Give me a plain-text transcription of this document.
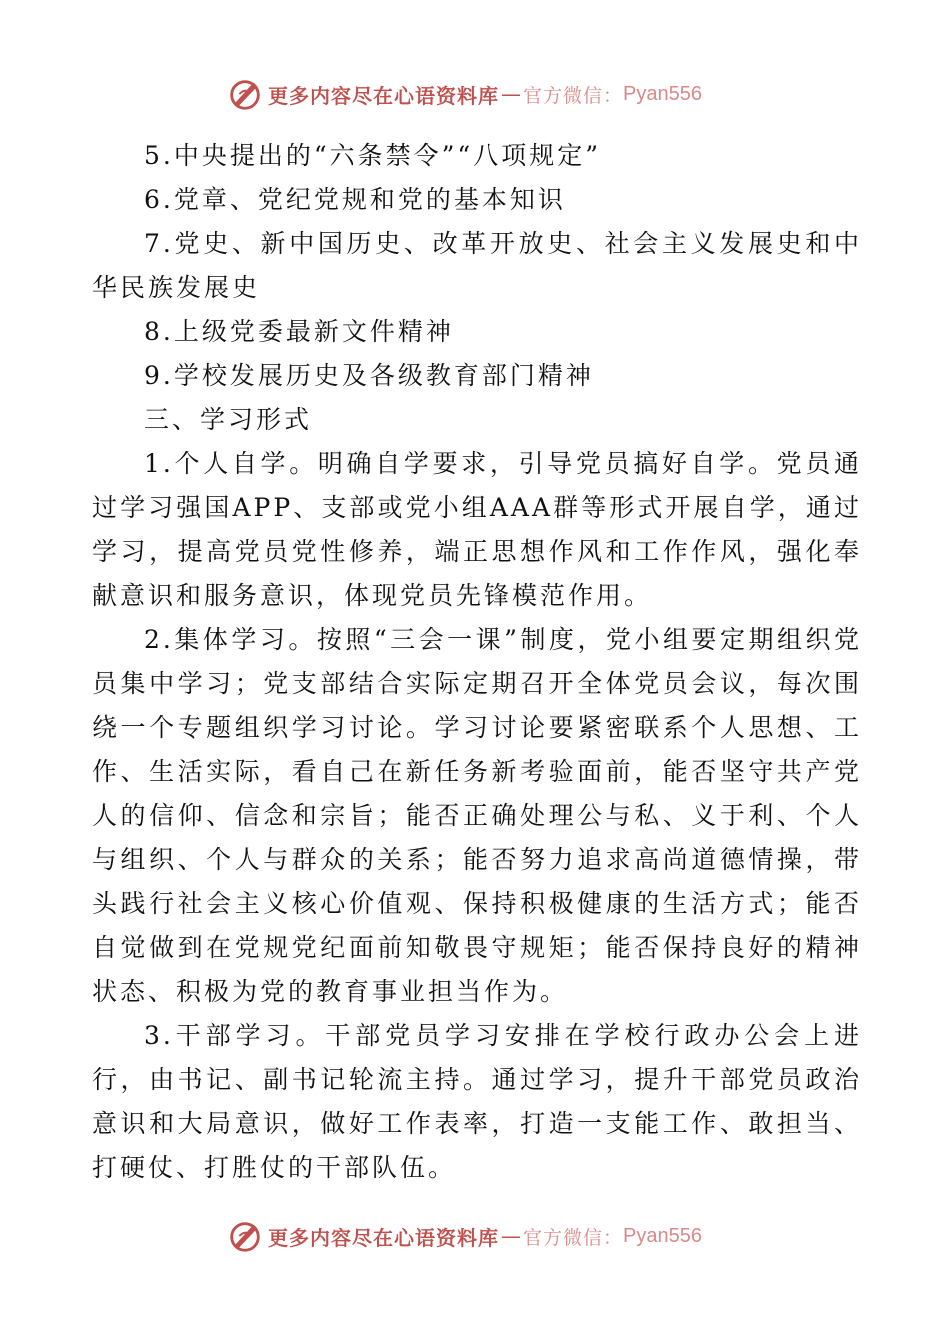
更多内容尽在心语资料库 — 官方微信： Pyan556

5.中央提出的“六条禁令”“八项规定”

6.党章、党纪党规和党的基本知识

7.党史、新中国历史、改革开放史、社会主义发展史和中华民族发展史

8.上级党委最新文件精神

9.学校发展历史及各级教育部门精神

三、学习形式

1.个人自学。明确自学要求，引导党员搞好自学。党员通过学习强国APP、支部或党小组AAA群等形式开展自学，通过学习，提高党员党性修养，端正思想作风和工作作风，强化奉献意识和服务意识，体现党员先锋模范作用。

2.集体学习。按照“三会一课”制度，党小组要定期组织党员集中学习；党支部结合实际定期召开全体党员会议，每次围绕一个专题组织学习讨论。学习讨论要紧密联系个人思想、工作、生活实际，看自己在新任务新考验面前，能否坚守共产党人的信仰、信念和宗旨；能否正确处理公与私、义于利、个人与组织、个人与群众的关系；能否努力追求高尚道德情操，带头践行社会主义核心价值观、保持积极健康的生活方式；能否自觉做到在党规党纪面前知敬畏守规矩；能否保持良好的精神状态、积极为党的教育事业担当作为。

3.干部学习。干部党员学习安排在学校行政办公会上进行，由书记、副书记轮流主持。通过学习，提升干部党员政治意识和大局意识，做好工作表率，打造一支能工作、敢担当、打硬仗、打胜仗的干部队伍。

更多内容尽在心语资料库 — 官方微信： Pyan556
